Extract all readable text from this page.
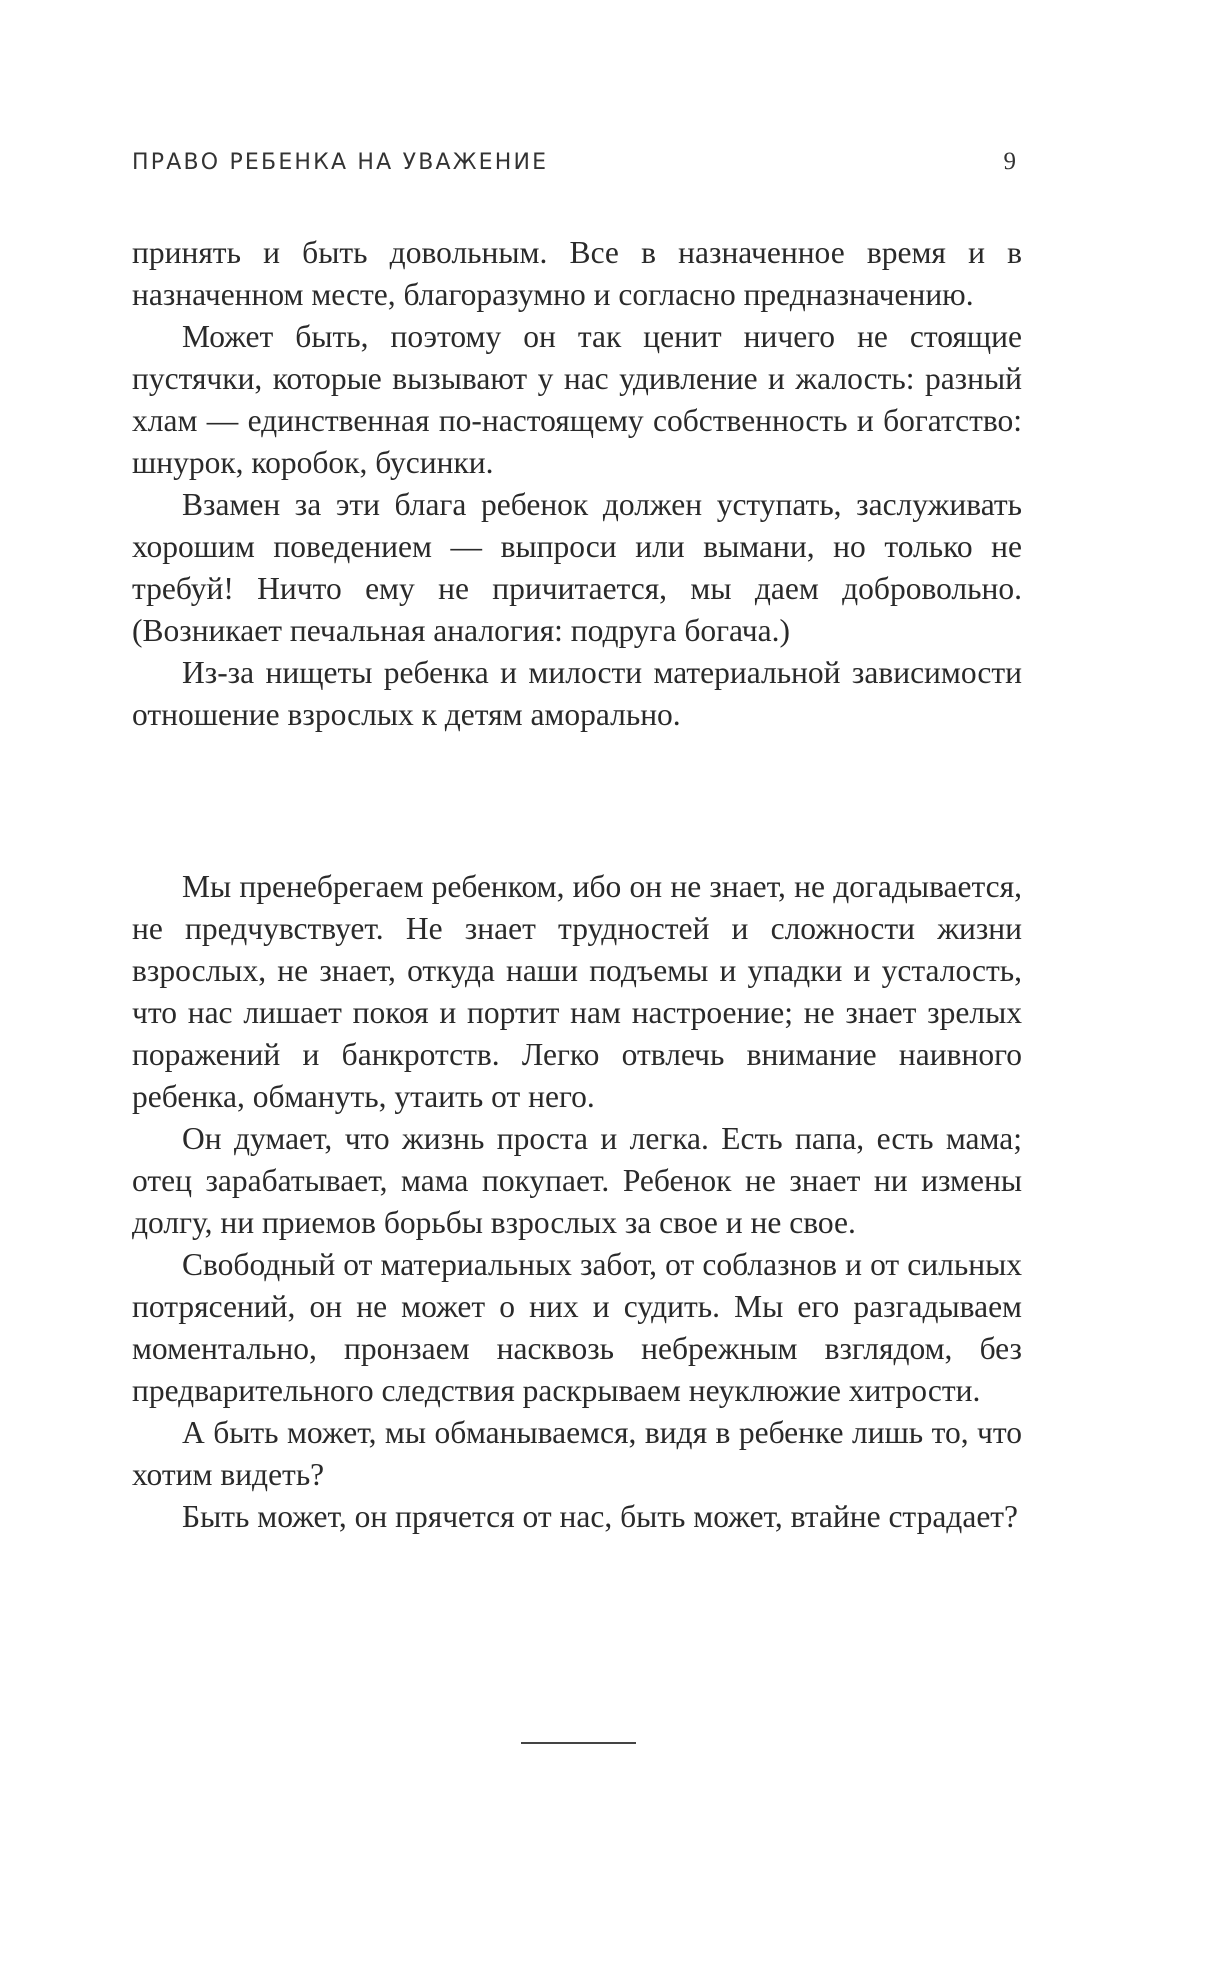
ПРАВО РЕБЕНКА НА УВАЖЕНИЕ	9

принять и быть довольным. Все в назначенное время и в назначенном месте, благоразумно и согласно предназначению.

Может быть, поэтому он так ценит ничего не стоящие пустячки, которые вызывают у нас удивление и жалость: разный хлам — единственная по-настоящему собственность и богатство: шнурок, коробок, бусинки.

Взамен за эти блага ребенок должен уступать, заслуживать хорошим поведением — выпроси или вымани, но только не требуй! Ничто ему не причитается, мы даем добровольно. (Возникает печальная аналогия: подруга богача.)

Из-за нищеты ребенка и милости материальной зависимости отношение взрослых к детям аморально.

Мы пренебрегаем ребенком, ибо он не знает, не догадывается, не предчувствует. Не знает трудностей и сложности жизни взрослых, не знает, откуда наши подъемы и упадки и усталость, что нас лишает покоя и портит нам настроение; не знает зрелых поражений и банкротств. Легко отвлечь внимание наивного ребенка, обмануть, утаить от него.

Он думает, что жизнь проста и легка. Есть папа, есть мама; отец зарабатывает, мама покупает. Ребенок не знает ни измены долгу, ни приемов борьбы взрослых за свое и не свое.

Свободный от материальных забот, от соблазнов и от сильных потрясений, он не может о них и судить. Мы его разгадываем моментально, пронзаем насквозь небрежным взглядом, без предварительного следствия раскрываем неуклюжие хитрости.

А быть может, мы обманываемся, видя в ребенке лишь то, что хотим видеть?

Быть может, он прячется от нас, быть может, втайне страдает?
